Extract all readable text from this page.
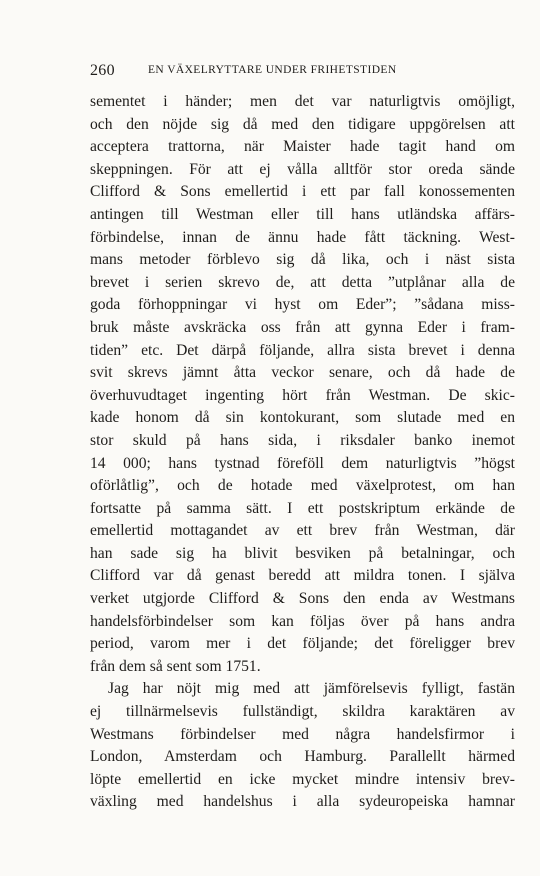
260	EN VÄXELRYTTARE UNDER FRIHETSTIDEN
sementet i händer; men det var naturligtvis omöjligt,
och den nöjde sig då med den tidigare uppgörelsen att
acceptera trattorna, när Maister hade tagit hand om
skeppningen. För att ej vålla alltför stor oreda sände
Clifford & Sons emellertid i ett par fall konossementen
antingen till Westman eller till hans utländska affärs-
förbindelse, innan de ännu hade fått täckning. West-
mans metoder förblevo sig då lika, och i näst sista
brevet i serien skrevo de, att detta ”utplånar alla de
goda förhoppningar vi hyst om Eder”; ”sådana miss-
bruk måste avskräcka oss från att gynna Eder i fram-
tiden” etc. Det därpå följande, allra sista brevet i denna
svit skrevs jämnt åtta veckor senare, och då hade de
överhuvudtaget ingenting hört från Westman. De skic-
kade honom då sin kontokurant, som slutade med en
stor skuld på hans sida, i riksdaler banko inemot
14 000; hans tystnad föreföll dem naturligtvis ”högst
oförlåtlig”, och de hotade med växelprotest, om han
fortsatte på samma sätt. I ett postskriptum erkände de
emellertid mottagandet av ett brev från Westman, där
han sade sig ha blivit besviken på betalningar, och
Clifford var då genast beredd att mildra tonen. I själva
verket utgjorde Clifford & Sons den enda av Westmans
handelsförbindelser som kan följas över på hans andra
period, varom mer i det följande; det föreligger brev
från dem så sent som 1751.
Jag har nöjt mig med att jämförelsevis fylligt, fastän
ej tillnärmelsevis fullständigt, skildra karaktären av
Westmans förbindelser med några handelsfirmor i
London, Amsterdam och Hamburg. Parallellt härmed
löpte emellertid en icke mycket mindre intensiv brev-
växling med handelshus i alla sydeuropeiska hamnar
